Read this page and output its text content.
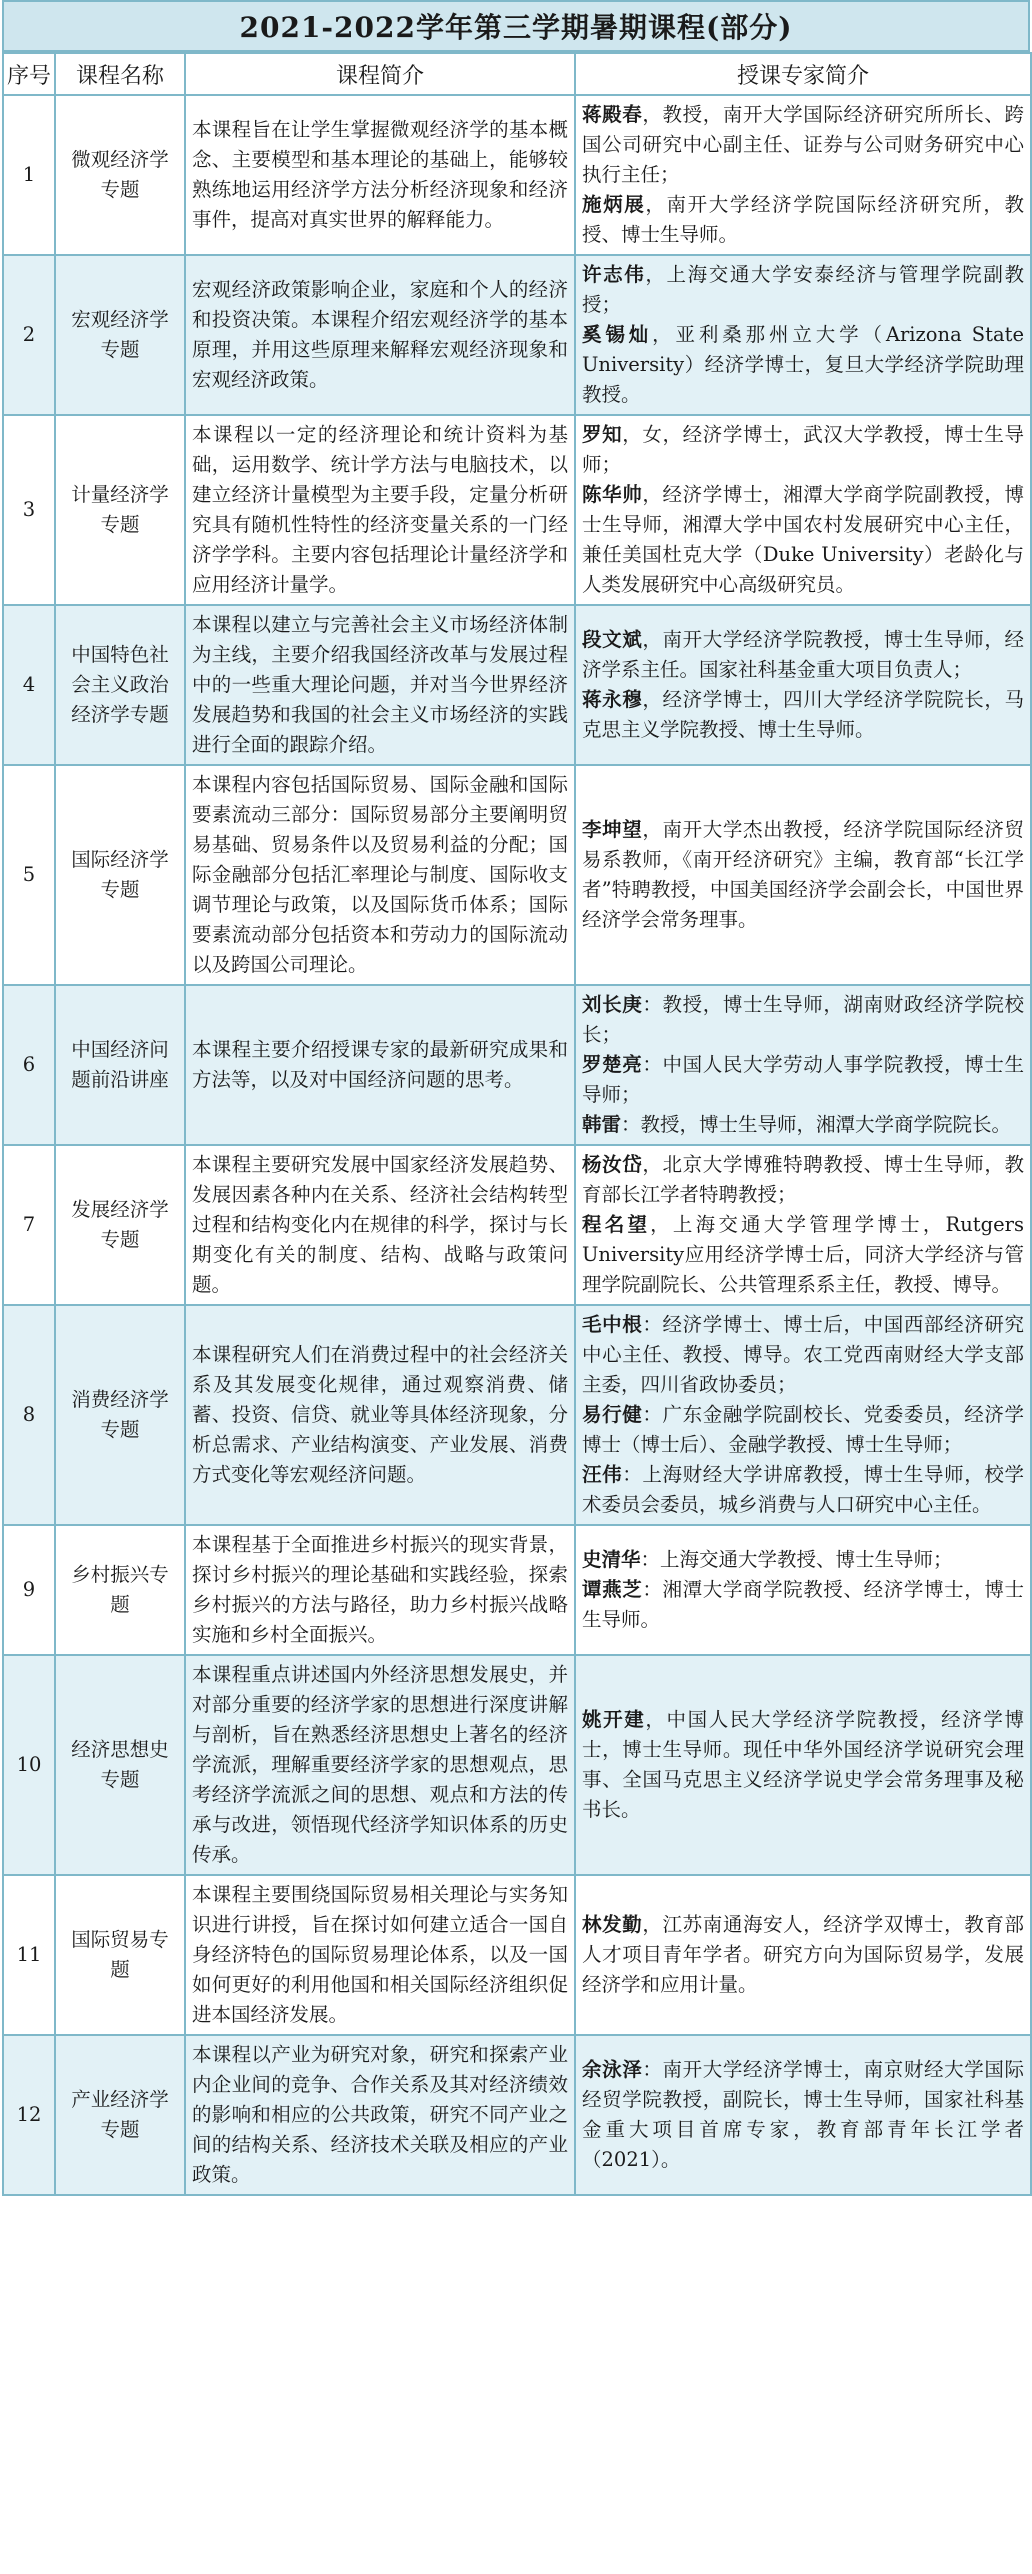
2021-2022学年第三学期暑期课程(部分)
序号	课程名称	课程简介	授课专家简介
1	微观经济学专题	本课程旨在让学生掌握微观经济学的基本概念、主要模型和基本理论的基础上，能够较熟练地运用经济学方法分析经济现象和经济事件，提高对真实世界的解释能力。	蒋殿春，教授，南开大学国际经济研究所所长、跨国公司研究中心副主任、证券与公司财务研究中心执行主任；
施炳展，南开大学经济学院国际经济研究所，教授、博士生导师。
2	宏观经济学专题	宏观经济政策影响企业，家庭和个人的经济和投资决策。本课程介绍宏观经济学的基本原理，并用这些原理来解释宏观经济现象和宏观经济政策。	许志伟，上海交通大学安泰经济与管理学院副教授；
奚锡灿，亚利桑那州立大学（Arizona State University）经济学博士，复旦大学经济学院助理教授。
3	计量经济学专题	本课程以一定的经济理论和统计资料为基础，运用数学、统计学方法与电脑技术，以建立经济计量模型为主要手段，定量分析研究具有随机性特性的经济变量关系的一门经济学学科。主要内容包括理论计量经济学和应用经济计量学。	罗知，女，经济学博士，武汉大学教授，博士生导师；
陈华帅，经济学博士，湘潭大学商学院副教授，博士生导师，湘潭大学中国农村发展研究中心主任，兼任美国杜克大学（Duke University）老龄化与人类发展研究中心高级研究员。
4	中国特色社会主义政治经济学专题	本课程以建立与完善社会主义市场经济体制为主线，主要介绍我国经济改革与发展过程中的一些重大理论问题，并对当今世界经济发展趋势和我国的社会主义市场经济的实践进行全面的跟踪介绍。	段文斌，南开大学经济学院教授，博士生导师，经济学系主任。国家社科基金重大项目负责人；
蒋永穆，经济学博士，四川大学经济学院院长，马克思主义学院教授、博士生导师。
5	国际经济学专题	本课程内容包括国际贸易、国际金融和国际要素流动三部分：国际贸易部分主要阐明贸易基础、贸易条件以及贸易利益的分配；国际金融部分包括汇率理论与制度、国际收支调节理论与政策，以及国际货币体系；国际要素流动部分包括资本和劳动力的国际流动以及跨国公司理论。	李坤望，南开大学杰出教授，经济学院国际经济贸易系教师，《南开经济研究》主编，教育部“长江学者”特聘教授，中国美国经济学会副会长，中国世界经济学会常务理事。
6	中国经济问题前沿讲座	本课程主要介绍授课专家的最新研究成果和方法等，以及对中国经济问题的思考。	刘长庚：教授，博士生导师，湖南财政经济学院校长；
罗楚亮：中国人民大学劳动人事学院教授，博士生导师；
韩雷：教授，博士生导师，湘潭大学商学院院长。
7	发展经济学专题	本课程主要研究发展中国家经济发展趋势、发展因素各种内在关系、经济社会结构转型过程和结构变化内在规律的科学，探讨与长期变化有关的制度、结构、战略与政策问题。	杨汝岱，北京大学博雅特聘教授、博士生导师，教育部长江学者特聘教授；
程名望，上海交通大学管理学博士，Rutgers University应用经济学博士后，同济大学经济与管理学院副院长、公共管理系系主任，教授、博导。
8	消费经济学专题	本课程研究人们在消费过程中的社会经济关系及其发展变化规律，通过观察消费、储蓄、投资、信贷、就业等具体经济现象，分析总需求、产业结构演变、产业发展、消费方式变化等宏观经济问题。	毛中根：经济学博士、博士后，中国西部经济研究中心主任、教授、博导。农工党西南财经大学支部主委，四川省政协委员；
易行健：广东金融学院副校长、党委委员，经济学博士（博士后）、金融学教授、博士生导师；
汪伟：上海财经大学讲席教授，博士生导师，校学术委员会委员，城乡消费与人口研究中心主任。
9	乡村振兴专题	本课程基于全面推进乡村振兴的现实背景，探讨乡村振兴的理论基础和实践经验，探索乡村振兴的方法与路径，助力乡村振兴战略实施和乡村全面振兴。	史清华：上海交通大学教授、博士生导师；
谭燕芝：湘潭大学商学院教授、经济学博士，博士生导师。
10	经济思想史专题	本课程重点讲述国内外经济思想发展史，并对部分重要的经济学家的思想进行深度讲解与剖析，旨在熟悉经济思想史上著名的经济学流派，理解重要经济学家的思想观点，思考经济学流派之间的思想、观点和方法的传承与改进，领悟现代经济学知识体系的历史传承。	姚开建，中国人民大学经济学院教授，经济学博士，博士生导师。现任中华外国经济学说研究会理事、全国马克思主义经济学说史学会常务理事及秘书长。
11	国际贸易专题	本课程主要围绕国际贸易相关理论与实务知识进行讲授，旨在探讨如何建立适合一国自身经济特色的国际贸易理论体系，以及一国如何更好的利用他国和相关国际经济组织促进本国经济发展。	林发勤，江苏南通海安人，经济学双博士，教育部人才项目青年学者。研究方向为国际贸易学，发展经济学和应用计量。
12	产业经济学专题	本课程以产业为研究对象，研究和探索产业内企业间的竞争、合作关系及其对经济绩效的影响和相应的公共政策，研究不同产业之间的结构关系、经济技术关联及相应的产业政策。	余泳泽：南开大学经济学博士，南京财经大学国际经贸学院教授，副院长，博士生导师，国家社科基金重大项目首席专家，教育部青年长江学者（2021）。
